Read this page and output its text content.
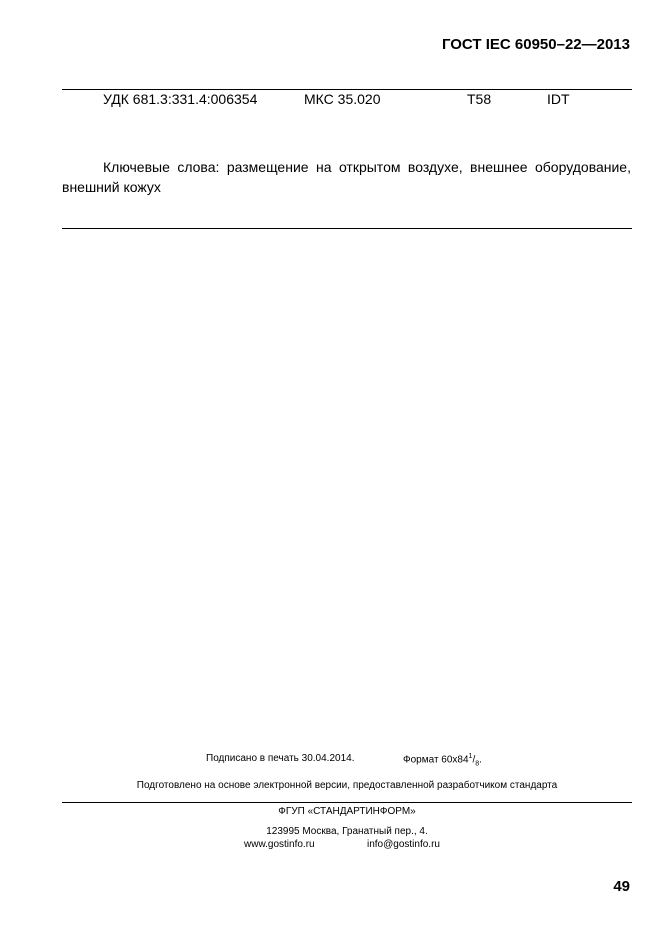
ГОСТ IEC 60950–22—2013
УДК 681.3:331.4:006354	МКС 35.020	Т58	IDT
Ключевые слова: размещение на открытом воздухе, внешнее оборудование, внешний кожух
Подписано в печать 30.04.2014.	Формат $60x84^1/_8$.
Подготовлено на основе электронной версии, предоставленной разработчиком стандарта
ФГУП «СТАНДАРТИНФОРМ»
123995 Москва, Гранатный пер., 4.
www.gostinfo.ru	info@gostinfo.ru
49
